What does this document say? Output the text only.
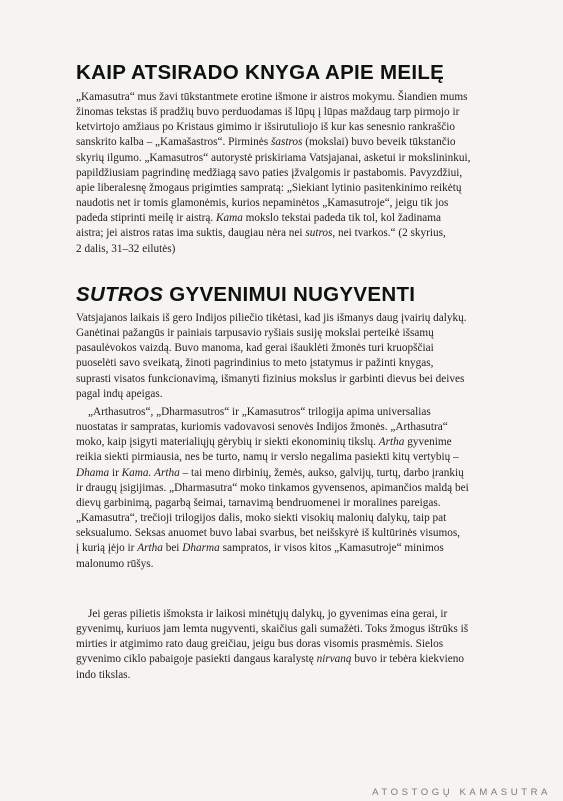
KAIP ATSIRADO KNYGA APIE MEILĘ
„Kamasutra“ mus žavi tūkstantmete erotine išmone ir aistros mokymu. Šiandien mums
žinomas tekstas iš pradžių buvo perduodamas iš lūpų į lūpas maždaug tarp pirmojo ir
ketvirtojo amžiaus po Kristaus gimimo ir išsirutuliojo iš kur kas senesnio rankraščio
sanskrito kalba – „Kamašastros“. Pirminės šastros (mokslai) buvo beveik tūkstančio
skyrių ilgumo. „Kamasutros“ autorystė priskiriama Vatsjajanai, asketui ir mokslininkui,
papildžiusiam pagrindinę medžiagą savo paties įžvalgomis ir pastabomis. Pavyzdžiui,
apie liberalesnę žmogaus prigimties sampratą: „Siekiant lytinio pasitenkinimo reikėtų
naudotis net ir tomis glamonėmis, kurios nepaminėtos „Kamasutroje“, jeigu tik jos
padeda stiprinti meilę ir aistrą. Kama mokslo tekstai padeda tik tol, kol žadinama
aistra; jei aistros ratas ima suktis, daugiau nėra nei sutros, nei tvarkos.“ (2 skyrius,
2 dalis, 31–32 eilutės)
SUTROS GYVENIMUI NUGYVENTI
Vatsjajanos laikais iš gero Indijos piliečio tikėtasi, kad jis išmanys daug įvairių dalykų.
Ganėtinai pažangūs ir painiais tarpusavio ryšiais susiję mokslai perteikė išsamų
pasaulėvokos vaizdą. Buvo manoma, kad gerai išauklėti žmonės turi kruopščiai
puoselėti savo sveikatą, žinoti pagrindinius to meto įstatymus ir pažinti knygas,
suprasti visatos funkcionavimą, išmanyti fizinius mokslus ir garbinti dievus bei deives
pagal indų apeigas.
„Arthasutros“, „Dharmasutros“ ir „Kamasutros“ trilogija apima universalias
nuostatas ir sampratas, kuriomis vadovavosi senovės Indijos žmonės. „Arthasutra“
moko, kaip įsigyti materialiųjų gėrybių ir siekti ekonominių tikslų. Artha gyvenime
reikia siekti pirmiausia, nes be turto, namų ir verslo negalima pasiekti kitų vertybių –
Dhama ir Kama. Artha – tai meno dirbinių, žemės, aukso, galvijų, turtų, darbo įrankių
ir draugų įsigijimas. „Dharmasutra“ moko tinkamos gyvensenos, apimančios maldą bei
dievų garbinimą, pagarbą šeimai, tarnavimą bendruomenei ir moralines pareigas.
„Kamasutra“, trečioji trilogijos dalis, moko siekti visokių malonių dalykų, taip pat
seksualumo. Seksas anuomet buvo labai svarbus, bet neišskyrė iš kultūrinės visumos,
į kurią įėjo ir Artha bei Dharma sampratos, ir visos kitos „Kamasutroje“ minimos
malonumo rūšys.
Jei geras pilietis išmoksta ir laikosi minėtųjų dalykų, jo gyvenimas eina gerai, ir
gyvenimų, kuriuos jam lemta nugyventi, skaičius gali sumažėti. Toks žmogus ištrūks iš
mirties ir atgimimo rato daug greičiau, jeigu bus doras visomis prasmėmis. Sielos
gyvenimo ciklo pabaigoje pasiekti dangaus karalystę nirvaną buvo ir tebėra kiekvieno
indo tikslas.
ATOSTOGŲ KAMASUTRA
